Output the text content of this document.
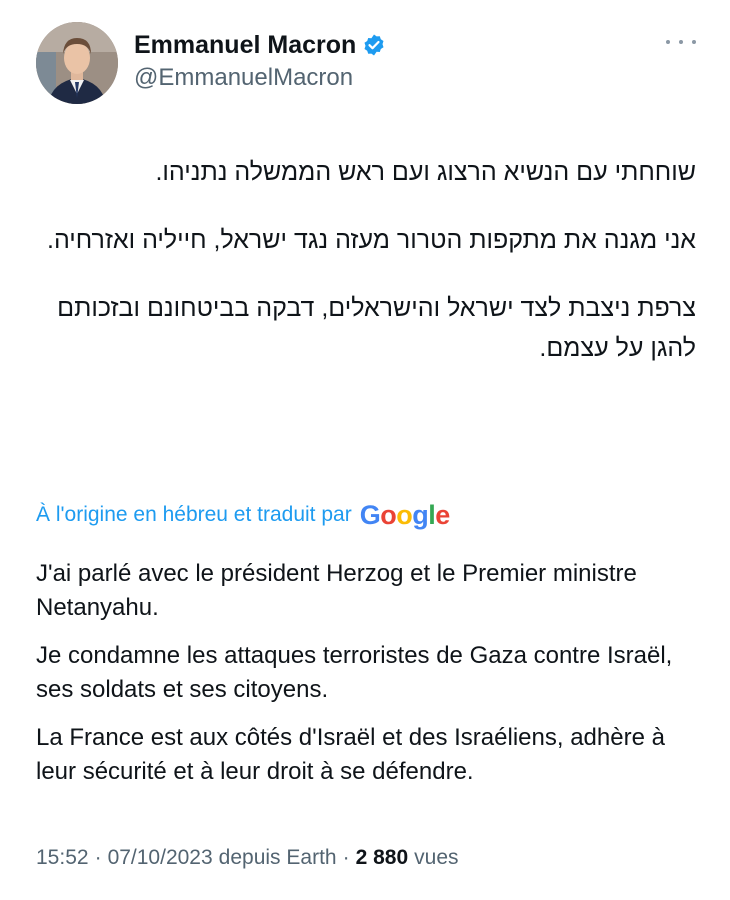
Emmanuel Macron
@EmmanuelMacron

שוחחתי עם הנשיא הרצוג ועם ראש הממשלה נתניהו.

אני מגנה את מתקפות הטרור מעזה נגד ישראל, חייליה ואזרחיה.

צרפת ניצבת לצד ישראל והישראלים, דבקה בביטחונם ובזכותם להגן על עצמם.

À l'origine en hébreu et traduit par Google

J'ai parlé avec le président Herzog et le Premier ministre Netanyahu.

Je condamne les attaques terroristes de Gaza contre Israël, ses soldats et ses citoyens.

La France est aux côtés d'Israël et des Israéliens, adhère à leur sécurité et à leur droit à se défendre.

15:52 · 07/10/2023 depuis Earth · 2 880 vues
